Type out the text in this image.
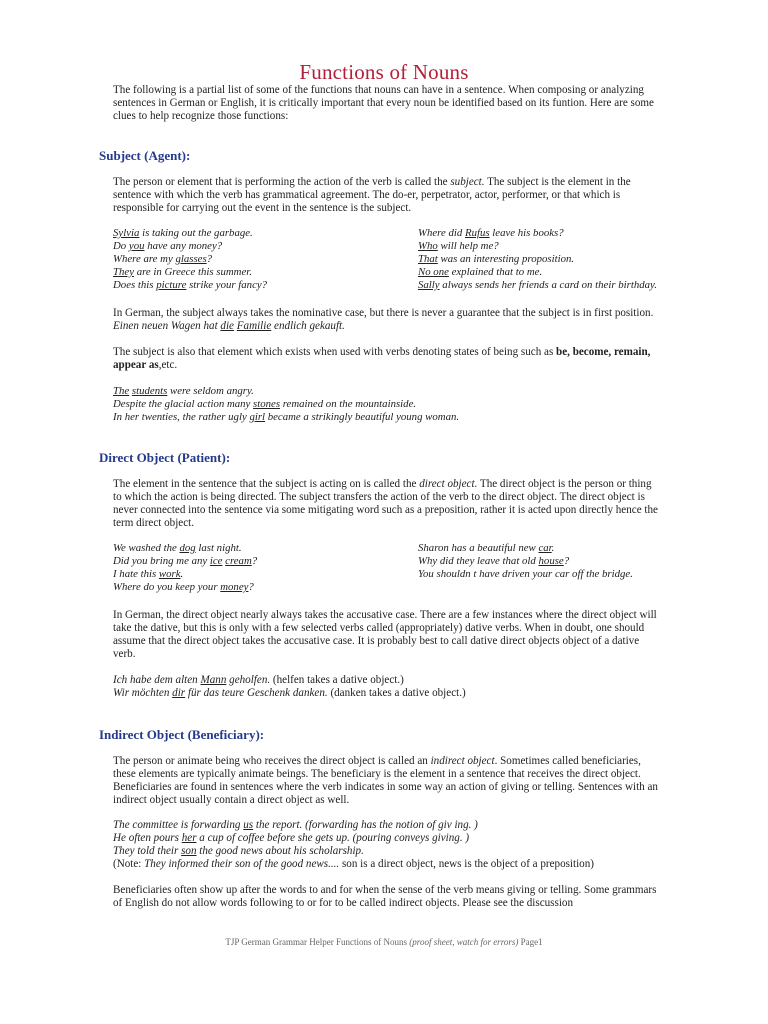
Functions of Nouns

The following is a partial list of some of the functions that nouns can have in a sentence. When composing or analyzing sentences in German or English, it is critically important that every noun be identified based on its funtion. Here are some clues to help recognize those functions:

Subject (Agent):

The person or element that is performing the action of the verb is called the subject. The subject is the element in the sentence with which the verb has grammatical agreement. The do-er, perpetrator, actor, performer, or that which is responsible for carrying out the event in the sentence is the subject.

Sylvia is taking out the garbage.
Do you have any money?
Where are my glasses?
They are in Greece this summer.
Does this picture strike your fancy?
Where did Rufus leave his books?
Who will help me?
That was an interesting proposition.
No one explained that to me.
Sally always sends her friends a card on their birthday.

In German, the subject always takes the nominative case, but there is never a guarantee that the subject is in first position.
Einen neuen Wagen hat die Familie endlich gekauft.

The subject is also that element which exists when used with verbs denoting states of being such as be, become, remain, appear as,etc.

The students were seldom angry.
Despite the glacial action many stones remained on the mountainside.
In her twenties, the rather ugly girl became a strikingly beautiful young woman.
Direct Object (Patient):

The element in the sentence that the subject is acting on is called the direct object. The direct object is the person or thing to which the action is being directed. The subject transfers the action of the verb to the direct object. The direct object is never connected into the sentence via some mitigating word such as a preposition, rather it is acted upon directly hence the term direct object.

We washed the dog last night.
Did you bring me any ice cream?
I hate this work.
Where do you keep your money?
Sharon has a beautiful new car.
Why did they leave that old house?
You shouldn t have driven your car off the bridge.

In German, the direct object nearly always takes the accusative case. There are a few instances where the direct object will take the dative, but this is only with a few selected verbs called (appropriately) dative verbs. When in doubt, one should assume that the direct object takes the accusative case. It is probably best to call dative direct objects object of a dative verb.

Ich habe dem alten Mann geholfen. (helfen takes a dative object.)
Wir möchten dir für das teure Geschenk danken. (danken takes a dative object.)

Indirect Object (Beneficiary):

The person or animate being who receives the direct object is called an indirect object. Sometimes called beneficiaries, these elements are typically animate beings. The beneficiary is the element in a sentence that receives the direct object. Beneficiaries are found in sentences where the verb indicates in some way an action of giving or telling. Sentences with an indirect object usually contain a direct object as well.

The committee is forwarding us the report. (forwarding has the notion of giv ing. )
He often pours her a cup of coffee before she gets up. (pouring conveys giving. )
They told their son the good news about his scholarship.
(Note: They informed their son of the good news.... son is a direct object, news is the object of a preposition)

Beneficiaries often show up after the words to and for when the sense of the verb means giving or telling. Some grammars of English do not allow words following to or for to be called indirect objects. Please see the discussion

TJP German Grammar Helper Functions of Nouns (proof sheet, watch for errors) Page1
